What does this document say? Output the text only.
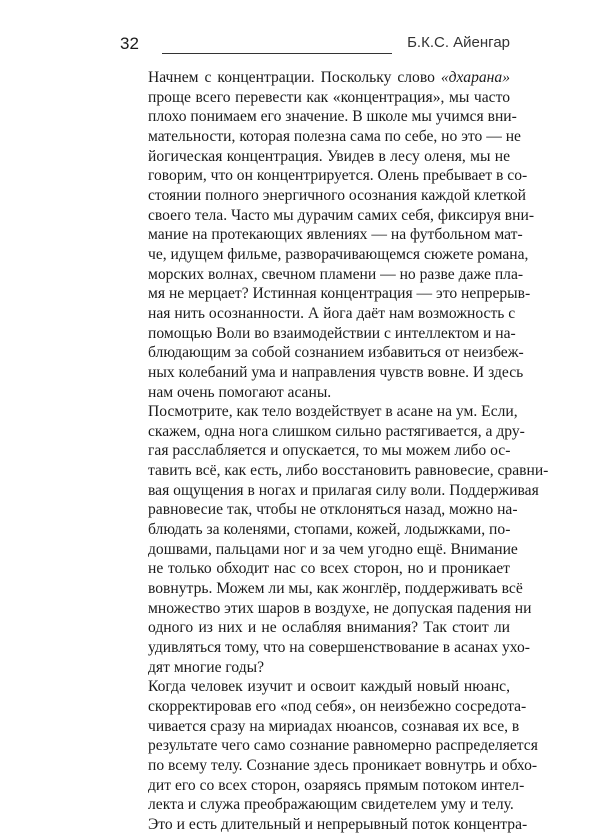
32	Б.К.С. Айенгар

Начнем с концентрации. Поскольку слово «дхарана»
проще всего перевести как «концентрация», мы часто
плохо понимаем его значение. В школе мы учимся вни-
мательности, которая полезна сама по себе, но это — не
йогическая концентрация. Увидев в лесу оленя, мы не
говорим, что он концентрируется. Олень пребывает в со-
стоянии полного энергичного осознания каждой клеткой
своего тела. Часто мы дурачим самих себя, фиксируя вни-
мание на протекающих явлениях — на футбольном мат-
че, идущем фильме, разворачивающемся сюжете романа,
морских волнах, свечном пламени — но разве даже пла-
мя не мерцает? Истинная концентрация — это непрерыв-
ная нить осознанности. А йога даёт нам возможность с
помощью Воли во взаимодействии с интеллектом и на-
блюдающим за собой сознанием избавиться от неизбеж-
ных колебаний ума и направления чувств вовне. И здесь
нам очень помогают асаны.

Посмотрите, как тело воздействует в асане на ум. Если,
скажем, одна нога слишком сильно растягивается, а дру-
гая расслабляется и опускается, то мы можем либо ос-
тавить всё, как есть, либо восстановить равновесие, сравни-
вая ощущения в ногах и прилагая силу воли. Поддерживая
равновесие так, чтобы не отклоняться назад, можно на-
блюдать за коленями, стопами, кожей, лодыжками, по-
дошвами, пальцами ног и за чем угодно ещё. Внимание
не только обходит нас со всех сторон, но и проникает
вовнутрь. Можем ли мы, как жонглёр, поддерживать всё
множество этих шаров в воздухе, не допуская падения ни
одного из них и не ослабляя внимания? Так стоит ли
удивляться тому, что на совершенствование в асанах ухо-
дят многие годы?

Когда человек изучит и освоит каждый новый нюанс,
скорректировав его «под себя», он неизбежно сосредота-
чивается сразу на мириадах нюансов, сознавая их все, в
результате чего само сознание равномерно распределяется
по всему телу. Сознание здесь проникает вовнутрь и обхо-
дит его со всех сторон, озаряясь прямым потоком интел-
лекта и служа преображающим свидетелем уму и телу.
Это и есть длительный и непрерывный поток концентра-
